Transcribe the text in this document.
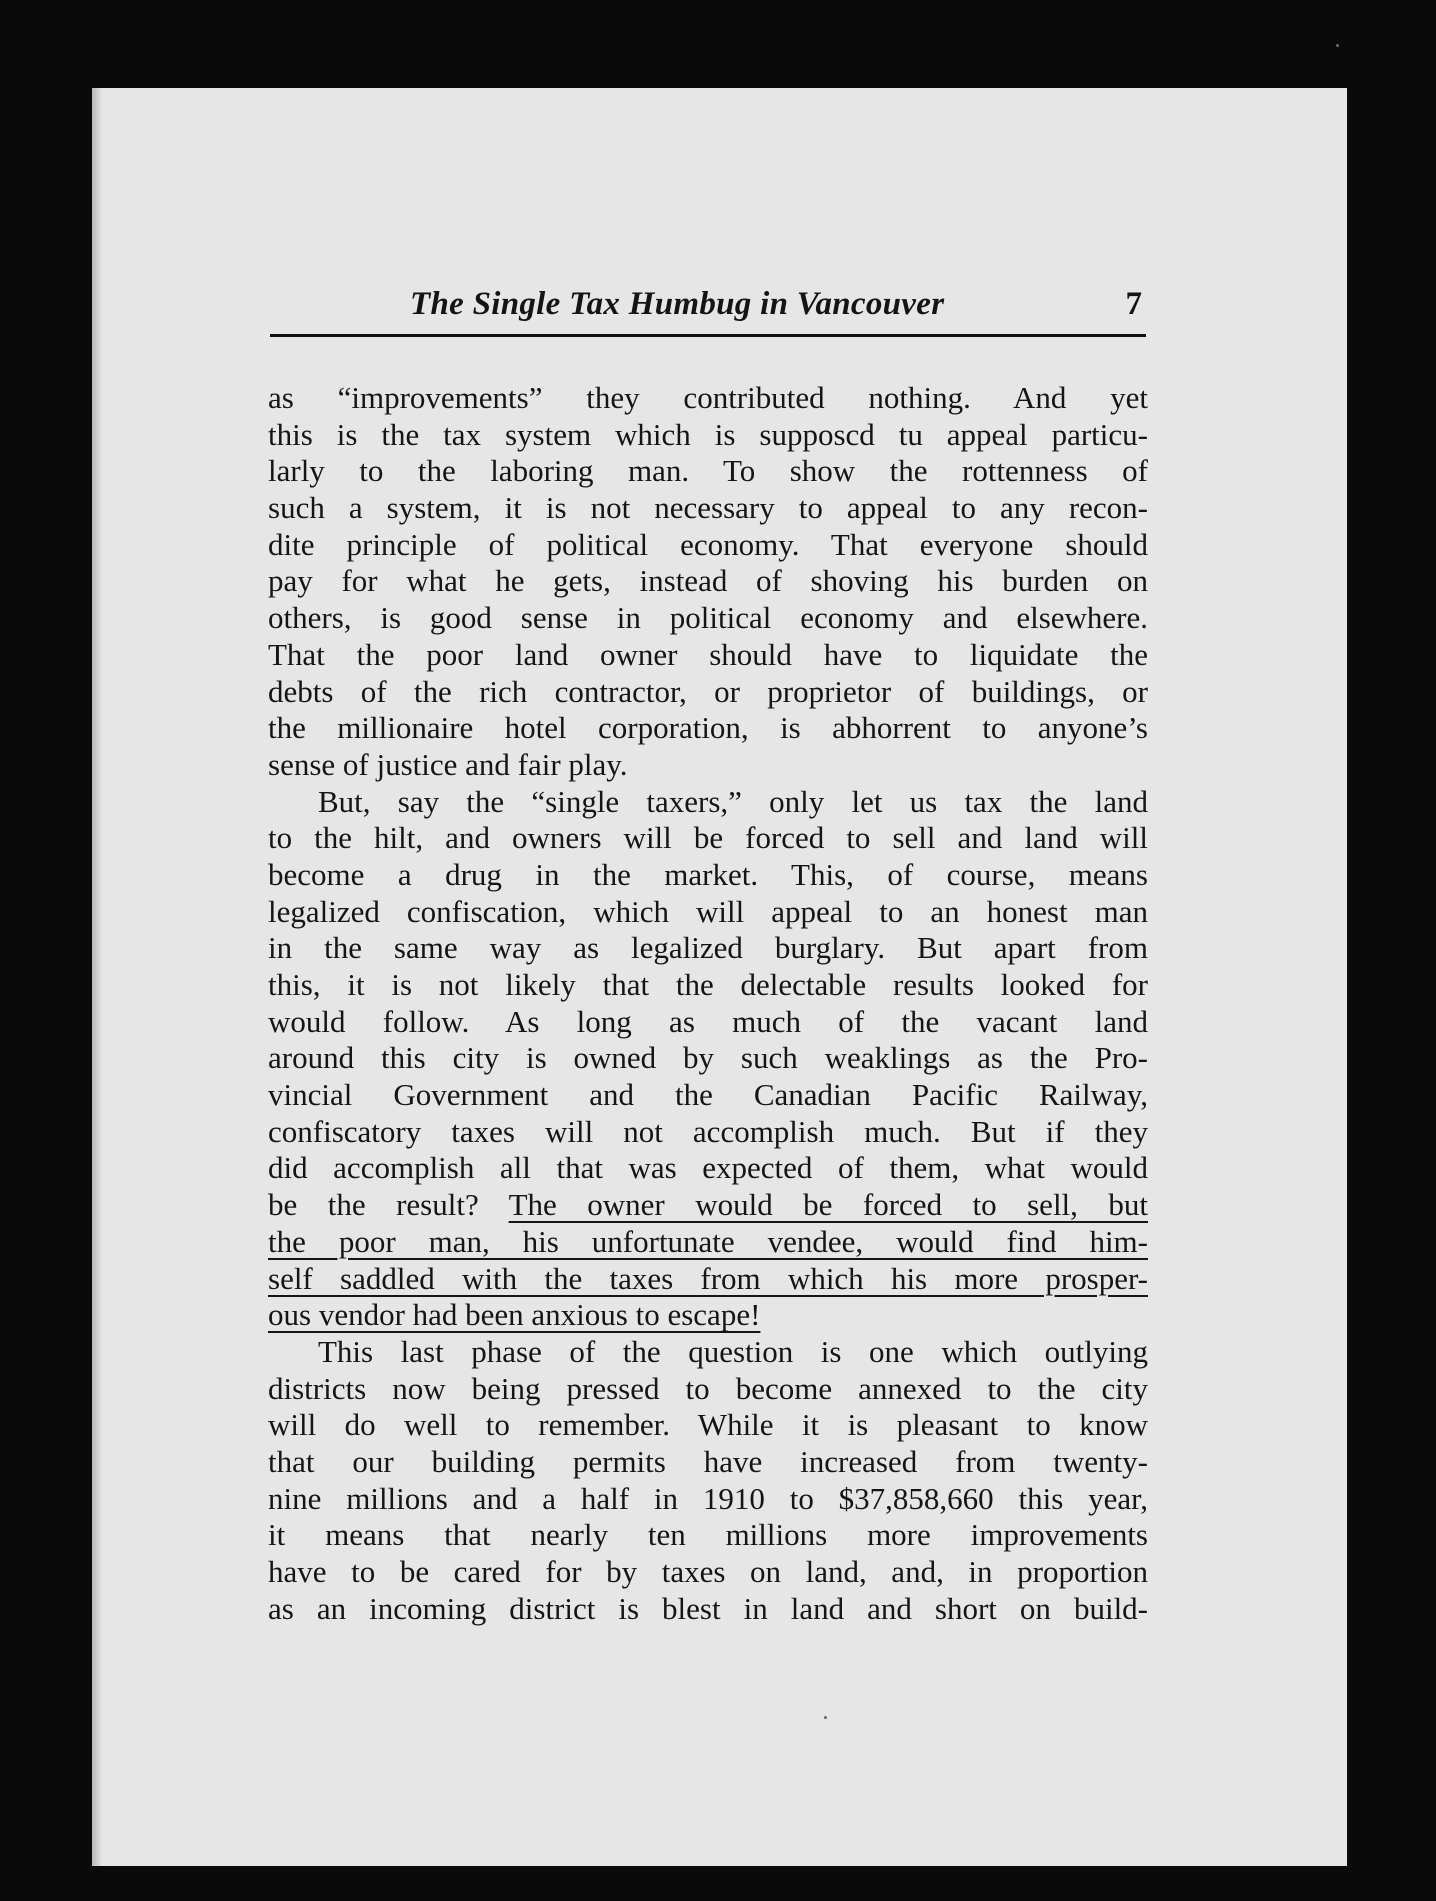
The Single Tax Humbug in Vancouver	7
as “improvements” they contributed nothing. And yet
this is the tax system which is supposcd tu appeal particu-
larly to the laboring man. To show the rottenness of
such a system, it is not necessary to appeal to any recon-
dite principle of political economy. That everyone should
pay for what he gets, instead of shoving his burden on
others, is good sense in political economy and elsewhere.
That the poor land owner should have to liquidate the
debts of the rich contractor, or proprietor of buildings, or
the millionaire hotel corporation, is abhorrent to anyone’s
sense of justice and fair play.
But, say the “single taxers,” only let us tax the land
to the hilt, and owners will be forced to sell and land will
become a drug in the market. This, of course, means
legalized confiscation, which will appeal to an honest man
in the same way as legalized burglary. But apart from
this, it is not likely that the delectable results looked for
would follow. As long as much of the vacant land
around this city is owned by such weaklings as the Pro-
vincial Government and the Canadian Pacific Railway,
confiscatory taxes will not accomplish much. But if they
did accomplish all that was expected of them, what would
be the result? The owner would be forced to sell, but
the poor man, his unfortunate vendee, would find him-
self saddled with the taxes from which his more prosper-
ous vendor had been anxious to escape!
This last phase of the question is one which outlying
districts now being pressed to become annexed to the city
will do well to remember. While it is pleasant to know
that our building permits have increased from twenty-
nine millions and a half in 1910 to $37,858,660 this year,
it means that nearly ten millions more improvements
have to be cared for by taxes on land, and, in proportion
as an incoming district is blest in land and short on build-
